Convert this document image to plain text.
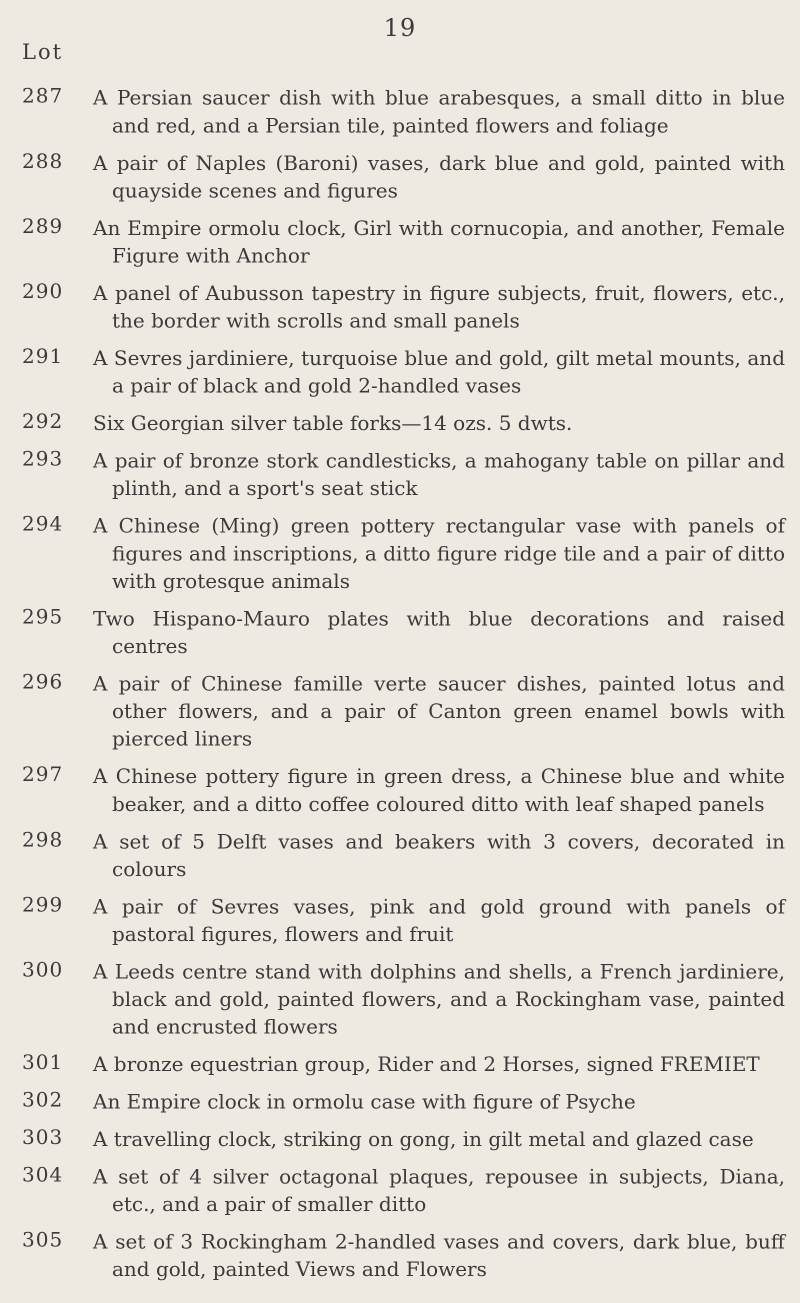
19
Lot
287 A Persian saucer dish with blue arabesques, a small ditto in blue and red, and a Persian tile, painted flowers and foliage
288 A pair of Naples (Baroni) vases, dark blue and gold, painted with quayside scenes and figures
289 An Empire ormolu clock, Girl with cornucopia, and another, Female Figure with Anchor
290 A panel of Aubusson tapestry in figure subjects, fruit, flowers, etc., the border with scrolls and small panels
291 A Sevres jardiniere, turquoise blue and gold, gilt metal mounts, and a pair of black and gold 2-handled vases
292 Six Georgian silver table forks—14 ozs. 5 dwts.
293 A pair of bronze stork candlesticks, a mahogany table on pillar and plinth, and a sport's seat stick
294 A Chinese (Ming) green pottery rectangular vase with panels of figures and inscriptions, a ditto figure ridge tile and a pair of ditto with grotesque animals
295 Two Hispano-Mauro plates with blue decorations and raised centres
296 A pair of Chinese famille verte saucer dishes, painted lotus and other flowers, and a pair of Canton green enamel bowls with pierced liners
297 A Chinese pottery figure in green dress, a Chinese blue and white beaker, and a ditto coffee coloured ditto with leaf shaped panels
298 A set of 5 Delft vases and beakers with 3 covers, decorated in colours
299 A pair of Sevres vases, pink and gold ground with panels of pastoral figures, flowers and fruit
300 A Leeds centre stand with dolphins and shells, a French jardiniere, black and gold, painted flowers, and a Rockingham vase, painted and encrusted flowers
301 A bronze equestrian group, Rider and 2 Horses, signed FREMIET
302 An Empire clock in ormolu case with figure of Psyche
303 A travelling clock, striking on gong, in gilt metal and glazed case
304 A set of 4 silver octagonal plaques, repousee in subjects, Diana, etc., and a pair of smaller ditto
305 A set of 3 Rockingham 2-handled vases and covers, dark blue, buff and gold, painted Views and Flowers
